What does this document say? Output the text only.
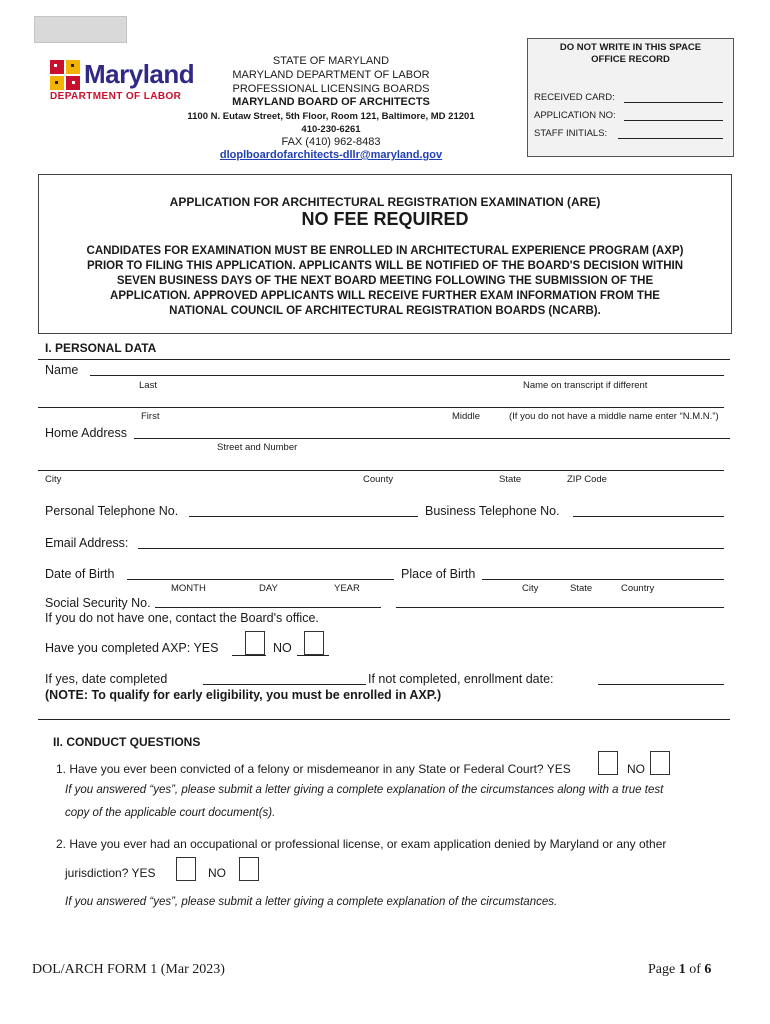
Maryland
DEPARTMENT OF LABOR
STATE OF MARYLAND
MARYLAND DEPARTMENT OF LABOR
PROFESSIONAL LICENSING BOARDS
MARYLAND BOARD OF ARCHITECTS
1100 N. Eutaw Street, 5th Floor, Room 121, Baltimore, MD 21201
410-230-6261
FAX (410) 962-8483
dloplboardofarchitects-dllr@maryland.gov
DO NOT WRITE IN THIS SPACE
OFFICE RECORD
RECEIVED CARD:
APPLICATION NO:
STAFF INITIALS:
APPLICATION FOR ARCHITECTURAL REGISTRATION EXAMINATION (ARE)
NO FEE REQUIRED
CANDIDATES FOR EXAMINATION MUST BE ENROLLED IN ARCHITECTURAL EXPERIENCE PROGRAM (AXP)
PRIOR TO FILING THIS APPLICATION. APPLICANTS WILL BE NOTIFIED OF THE BOARD'S DECISION WITHIN
SEVEN BUSINESS DAYS OF THE NEXT BOARD MEETING FOLLOWING THE SUBMISSION OF THE
APPLICATION. APPROVED APPLICANTS WILL RECEIVE FURTHER EXAM INFORMATION FROM THE
NATIONAL COUNCIL OF ARCHITECTURAL REGISTRATION BOARDS (NCARB).
I. PERSONAL DATA
Name
Last	Name on transcript if different
First	Middle	(If you do not have a middle name enter “N.M.N.”)
Home Address
Street and Number
City	County	State	ZIP Code
Personal Telephone No.	Business Telephone No.
Email Address:
Date of Birth
MONTH	DAY	YEAR
Place of Birth
City	State	Country
Social Security No.
If you do not have one, contact the Board's office.
Have you completed AXP: YES	NO
If yes, date completed	If not completed, enrollment date:
(NOTE: To qualify for early eligibility, you must be enrolled in AXP.)
II. CONDUCT QUESTIONS
1. Have you ever been convicted of a felony or misdemeanor in any State or Federal Court? YES	NO
If you answered “yes”, please submit a letter giving a complete explanation of the circumstances along with a true test
copy of the applicable court document(s).
2. Have you ever had an occupational or professional license, or exam application denied by Maryland or any other
jurisdiction? YES	NO
If you answered “yes”, please submit a letter giving a complete explanation of the circumstances.
DOL/ARCH FORM 1 (Mar 2023)	Page 1 of 6
